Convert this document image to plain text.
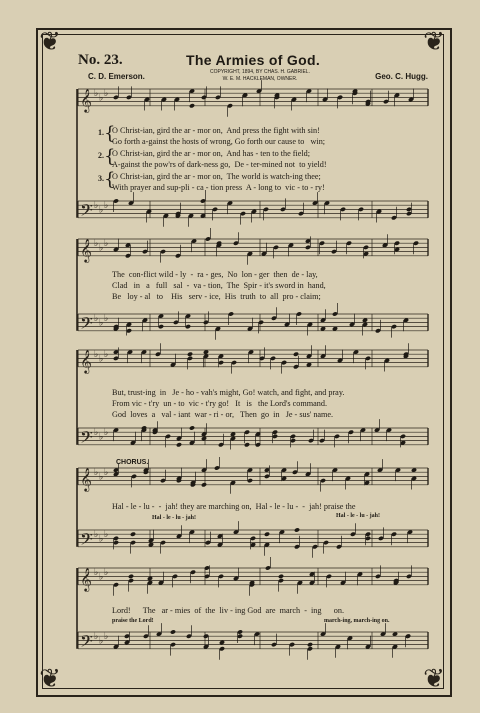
❦	❦
❦	❦
No. 23.	The Armies of God.
C. D. Emerson.	COPYRIGHT, 1894, BY CHAS. H. GABRIEL.
W. E. M. HACKLEMAN, OWNER.	Geo. C. Hugg.
𝄞 ♭ ♭ ♭
𝄢 ♭ ♭ ♭
𝄞 ♭ ♭ ♭
𝄢 ♭ ♭ ♭
𝄞 ♭ ♭ ♭
𝄢 ♭ ♭ ♭
𝄞 ♭ ♭ ♭
𝄢 ♭ ♭ ♭
𝄞 ♭ ♭ ♭
𝄢 ♭ ♭ ♭
1.
2.
3.
{
{
{
O Christ-ian, gird the ar - mor on,  And press the fight with sin!
Go forth a-gainst the hosts of wrong, Go forth our cause to   win;
O Christ-ian, gird the ar - mor on,  And has - ten to the field;
A-gainst the pow'rs of dark-ness go,  De - ter-mined not  to yield!
O Christ-ian, gird the ar - mor on,  The world is watch-ing thee;
With prayer and sup-pli - ca - tion press  A - long to  vic - to - ry!
The  con-flict wild - ly  -  ra - ges,  No  lon - ger  then  de - lay,
Clad   in   a   full   sal  -  va - tion,  The  Spir - it's sword in  hand,
Be   loy - al   to    His   serv - ice,  His  truth  to  all  pro - claim;
But, trust-ing  in   Je - ho - vah's might, Go! watch, and fight, and pray.
From vic - t'ry  un - to  vic - t'ry go!   It   is   the Lord's command.
God  loves  a   val - iant  war - ri - or,   Then  go  in   Je - sus' name.
CHORUS.
Hal - le - lu -  -  jah! they are marching on,  Hal - le - lu -  -  jah! praise the
Hal - le - lu - jah!	Hal - le - lu - jah!
Lord!      The   ar - mies  of  the  liv - ing God  are  march  -  ing      on.
praise the Lord!	march-ing, march-ing on.
